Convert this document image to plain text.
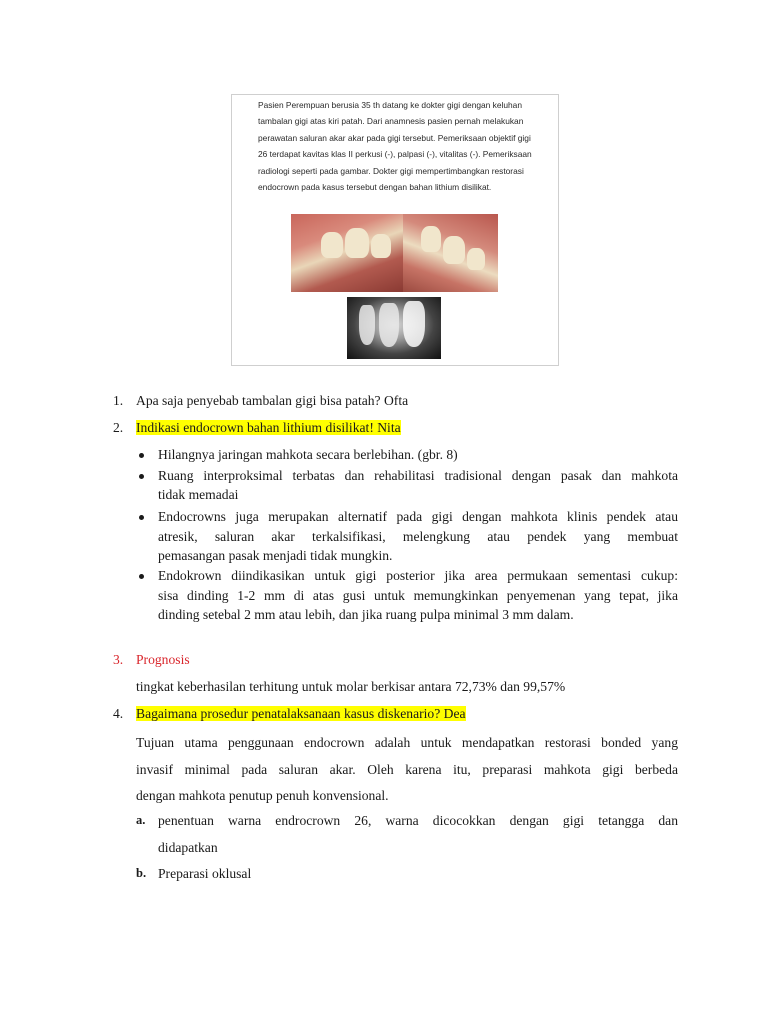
Pasien Perempuan berusia 35 th datang ke dokter gigi dengan keluhan
tambalan gigi atas kiri patah. Dari anamnesis pasien pernah melakukan
perawatan saluran akar akar pada gigi tersebut. Pemeriksaan objektif gigi
26 terdapat kavitas klas II perkusi (-), palpasi (-), vitalitas (-). Pemeriksaan
radiologi seperti pada gambar. Dokter gigi mempertimbangkan restorasi
endocrown pada kasus tersebut dengan bahan lithium disilikat.
1. Apa saja penyebab tambalan gigi bisa patah? Ofta
2. Indikasi endocrown bahan lithium disilikat! Nita
Hilangnya jaringan mahkota secara berlebihan. (gbr. 8)
Ruang interproksimal terbatas dan rehabilitasi tradisional dengan pasak dan mahkota
tidak memadai
Endocrowns juga merupakan alternatif pada gigi dengan mahkota klinis pendek atau
atresik, saluran akar terkalsifikasi, melengkung atau pendek yang membuat
pemasangan pasak menjadi tidak mungkin.
Endokrown diindikasikan untuk gigi posterior jika area permukaan sementasi cukup:
sisa dinding 1-2 mm di atas gusi untuk memungkinkan penyemenan yang tepat, jika
dinding setebal 2 mm atau lebih, dan jika ruang pulpa minimal 3 mm dalam.
3. Prognosis
tingkat keberhasilan terhitung untuk molar berkisar antara 72,73% dan 99,57%
4. Bagaimana prosedur penatalaksanaan kasus diskenario? Dea
Tujuan utama penggunaan endocrown adalah untuk mendapatkan restorasi bonded yang
invasif minimal pada saluran akar. Oleh karena itu, preparasi mahkota gigi berbeda
dengan mahkota penutup penuh konvensional.
a. penentuan warna endrocrown 26, warna dicocokkan dengan gigi tetangga dan
didapatkan
b. Preparasi oklusal
